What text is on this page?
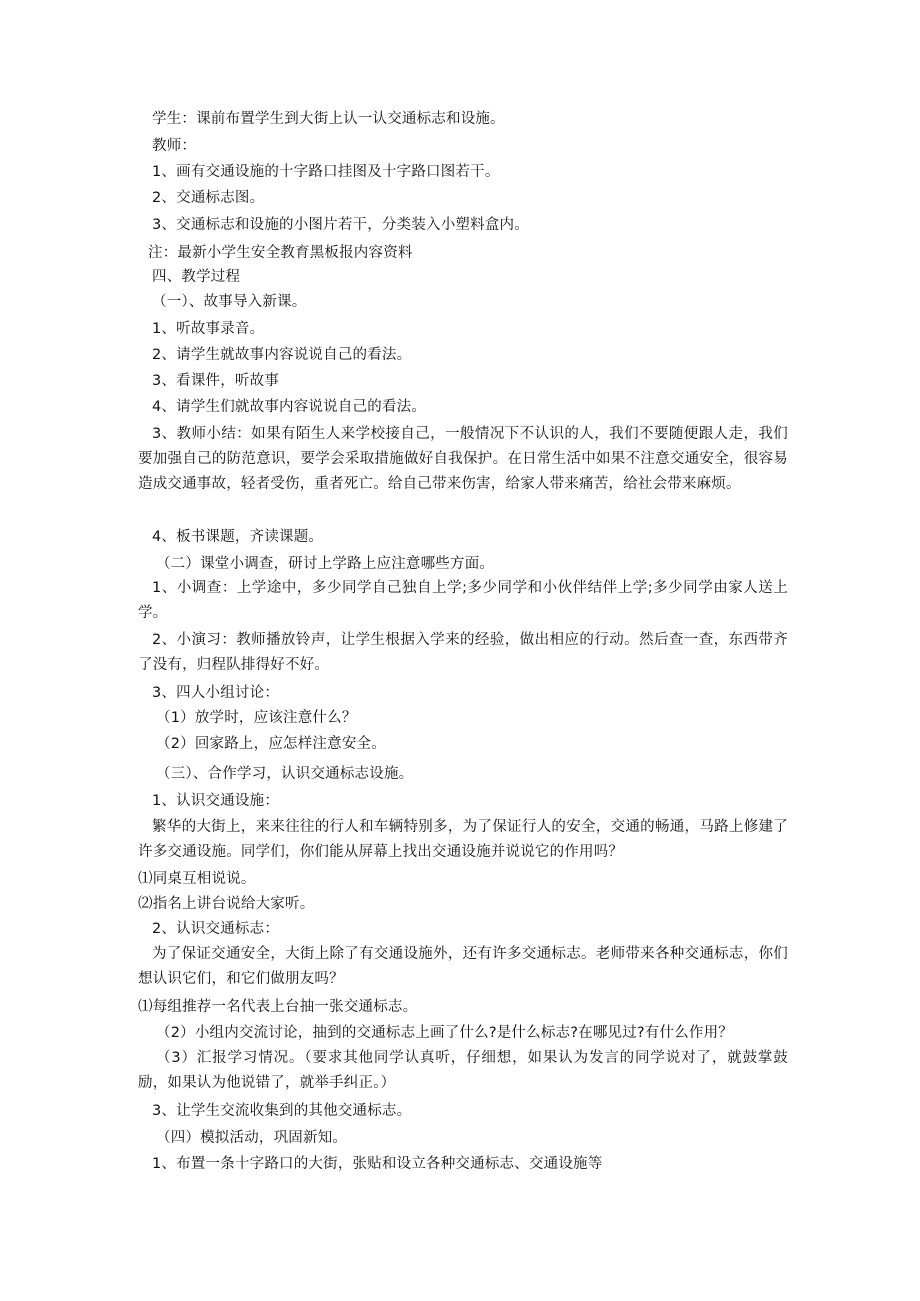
学生：课前布置学生到大街上认一认交通标志和设施。
教师：
1、画有交通设施的十字路口挂图及十字路口图若干。
2、交通标志图。
3、交通标志和设施的小图片若干，分类装入小塑料盒内。
注：最新小学生安全教育黑板报内容资料
四、教学过程
（一）、故事导入新课。
1、听故事录音。
2、请学生就故事内容说说自己的看法。
3、看课件，听故事
4、请学生们就故事内容说说自己的看法。
3、教师小结：如果有陌生人来学校接自己，一般情况下不认识的人，我们不要随便跟人走，我们要加强自己的防范意识，要学会采取措施做好自我保护。在日常生活中如果不注意交通安全，很容易造成交通事故，轻者受伤，重者死亡。给自己带来伤害，给家人带来痛苦，给社会带来麻烦。
4、板书课题，齐读课题。
（二）课堂小调查，研讨上学路上应注意哪些方面。
1、小调查：上学途中，多少同学自己独自上学;多少同学和小伙伴结伴上学;多少同学由家人送上学。
2、小演习：教师播放铃声，让学生根据入学来的经验，做出相应的行动。然后查一查，东西带齐了没有，归程队排得好不好。
3、四人小组讨论：
（1）放学时，应该注意什么？
（2）回家路上，应怎样注意安全。
（三）、合作学习，认识交通标志设施。
1、认识交通设施：
繁华的大街上，来来往往的行人和车辆特别多，为了保证行人的安全，交通的畅通，马路上修建了许多交通设施。同学们，你们能从屏幕上找出交通设施并说说它的作用吗？
⑴同桌互相说说。
⑵指名上讲台说给大家听。
2、认识交通标志：
为了保证交通安全，大街上除了有交通设施外，还有许多交通标志。老师带来各种交通标志，你们想认识它们，和它们做朋友吗？
⑴每组推荐一名代表上台抽一张交通标志。
（2）小组内交流讨论，抽到的交通标志上画了什么?是什么标志?在哪见过?有什么作用？
（3）汇报学习情况。（要求其他同学认真听，仔细想，如果认为发言的同学说对了，就鼓掌鼓励，如果认为他说错了，就举手纠正。）
3、让学生交流收集到的其他交通标志。
（四）模拟活动，巩固新知。
1、布置一条十字路口的大街，张贴和设立各种交通标志、交通设施等
